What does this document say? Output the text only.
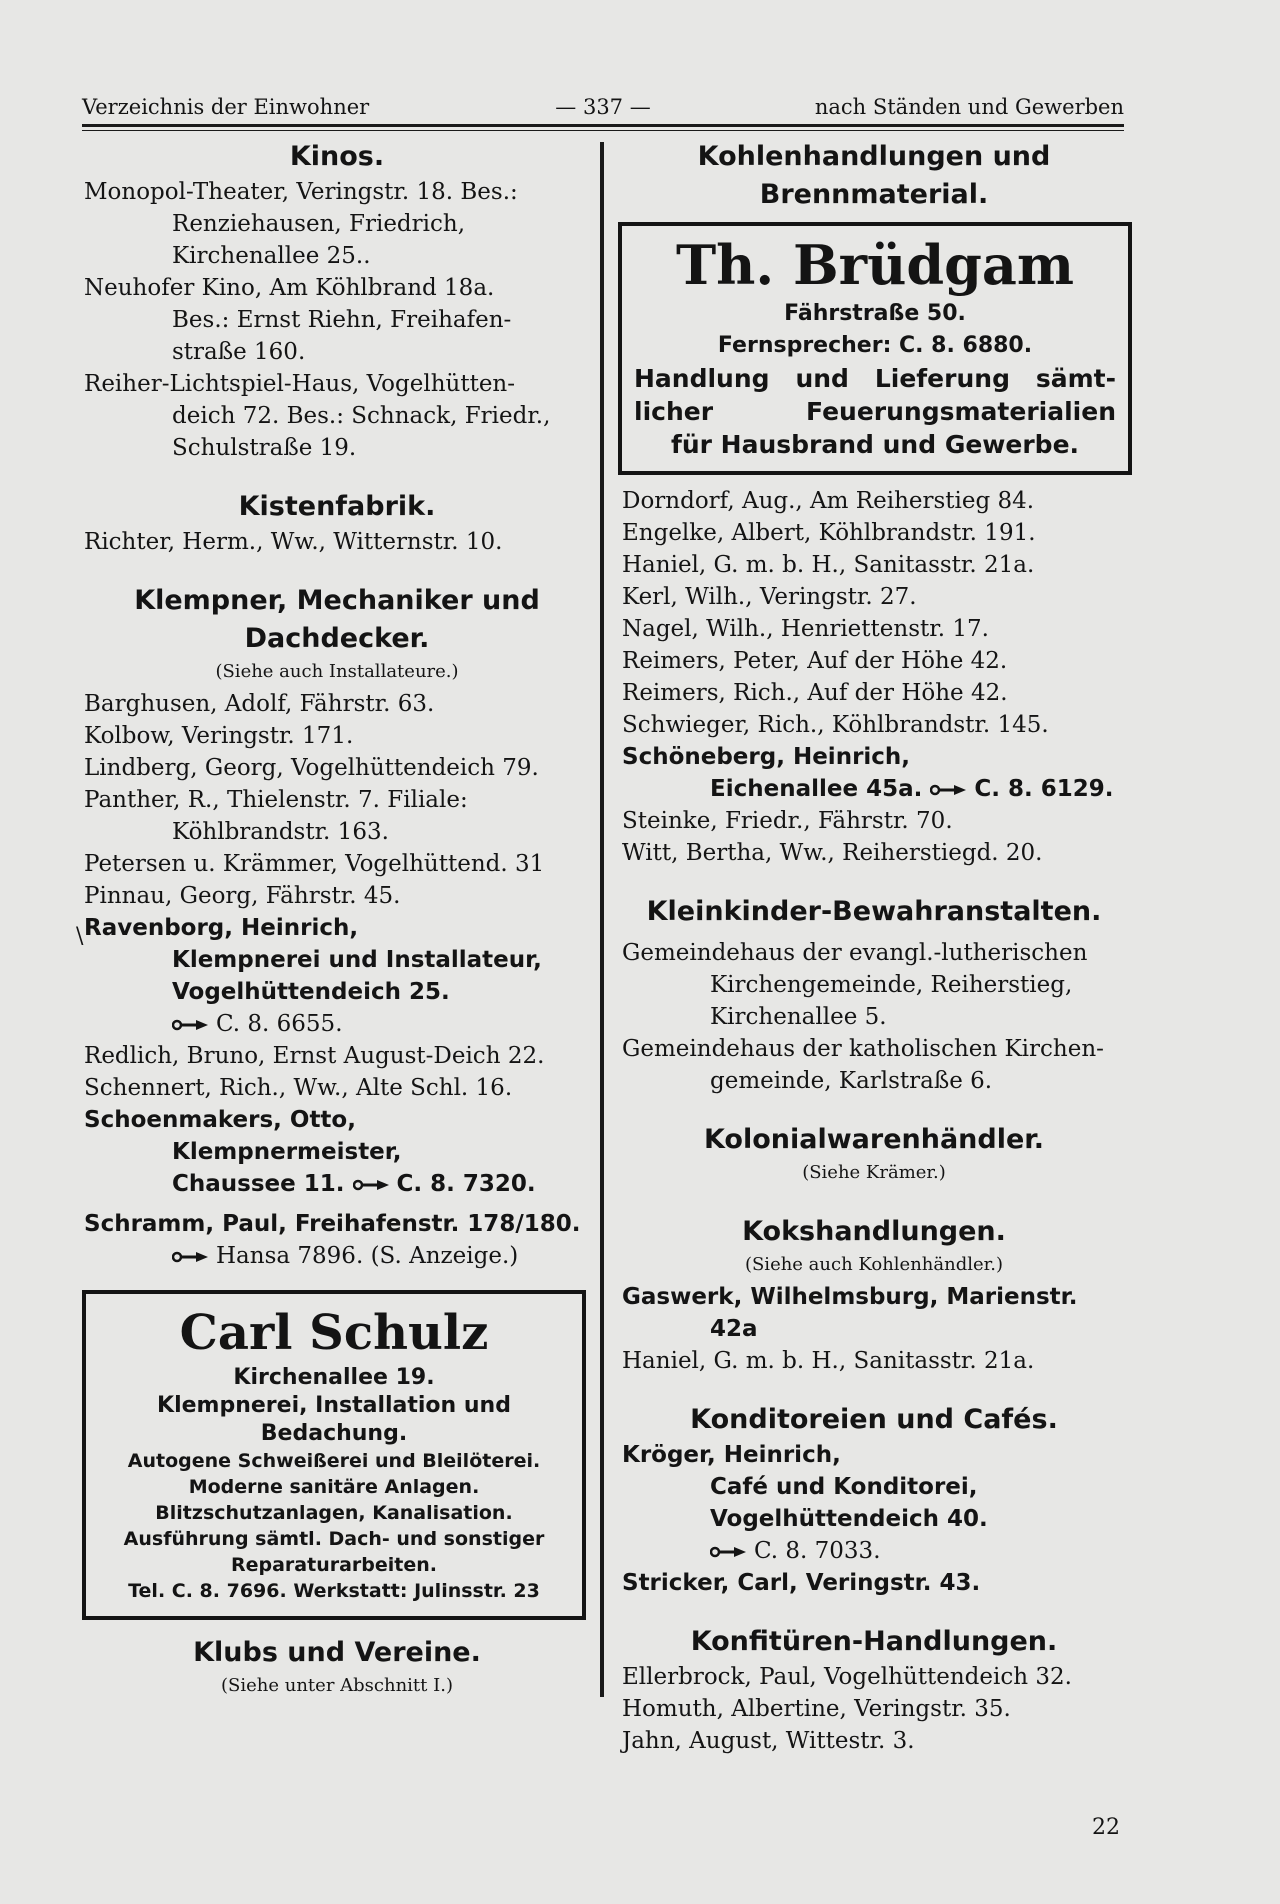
Verzeichnis der Einwohner	— 337 —	nach Ständen und Gewerben
\

Kinos.

Monopol-Theater, Veringstr. 18. Bes.:

Renziehausen, Friedrich,

Kirchenallee 25..

Neuhofer Kino, Am Köhlbrand 18a.

Bes.: Ernst Riehn, Freihafen-

straße 160.

Reiher-Lichtspiel-Haus, Vogelhütten-

deich 72. Bes.: Schnack, Friedr.,

Schulstraße 19.

Kistenfabrik.

Richter, Herm., Ww., Witternstr. 10.

Klempner, Mechaniker und

Dachdecker.

(Siehe auch Installateure.)

Barghusen, Adolf, Fährstr. 63.

Kolbow, Veringstr. 171.

Lindberg, Georg, Vogelhüttendeich 79.

Panther, R., Thielenstr. 7. Filiale:

Köhlbrandstr. 163.

Petersen u. Krämmer, Vogelhüttend. 31

Pinnau, Georg, Fährstr. 45.

Ravenborg, Heinrich,

Klempnerei und Installateur,

Vogelhüttendeich 25.

C. 8. 6655.

Redlich, Bruno, Ernst August-Deich 22.

Schennert, Rich., Ww., Alte Schl. 16.

Schoenmakers, Otto, Klempnermeister,

Chaussee 11. C. 8. 7320.

Schramm, Paul, Freihafenstr. 178/180.

Hansa 7896. (S. Anzeige.)

Carl Schulz
Kirchenallee 19.
Klempnerei, Installation und
Bedachung.
Autogene Schweißerei und Bleilöterei.
Moderne sanitäre Anlagen.
Blitzschutzanlagen, Kanalisation.
Ausführung sämtl. Dach- und sonstiger
Reparaturarbeiten.
Tel. C. 8. 7696. Werkstatt: Julinsstr. 23

Klubs und Vereine.

(Siehe unter Abschnitt I.)

Kohlenhandlungen und

Brennmaterial.

Th. Brüdgam
Fährstraße 50.
Fernsprecher: C. 8. 6880.
Handlung und Lieferung sämt-
licher Feuerungsmaterialien
für Hausbrand und Gewerbe.

Dorndorf, Aug., Am Reiherstieg 84.

Engelke, Albert, Köhlbrandstr. 191.

Haniel, G. m. b. H., Sanitasstr. 21a.

Kerl, Wilh., Veringstr. 27.

Nagel, Wilh., Henriettenstr. 17.

Reimers, Peter, Auf der Höhe 42.

Reimers, Rich., Auf der Höhe 42.

Schwieger, Rich., Köhlbrandstr. 145.

Schöneberg, Heinrich,

Eichenallee 45a. C. 8. 6129.

Steinke, Friedr., Fährstr. 70.

Witt, Bertha, Ww., Reiherstiegd. 20.

Kleinkinder-Bewahranstalten.

Gemeindehaus der evangl.-lutherischen

Kirchengemeinde, Reiherstieg,

Kirchenallee 5.

Gemeindehaus der katholischen Kirchen-

gemeinde, Karlstraße 6.

Kolonialwarenhändler.

(Siehe Krämer.)

Kokshandlungen.

(Siehe auch Kohlenhändler.)

Gaswerk, Wilhelmsburg, Marienstr. 42a

Haniel, G. m. b. H., Sanitasstr. 21a.

Konditoreien und Cafés.

Kröger, Heinrich,

Café und Konditorei,

Vogelhüttendeich 40.

C. 8. 7033.

Stricker, Carl, Veringstr. 43.

Konfitüren-Handlungen.

Ellerbrock, Paul, Vogelhüttendeich 32.

Homuth, Albertine, Veringstr. 35.

Jahn, August, Wittestr. 3.

22
